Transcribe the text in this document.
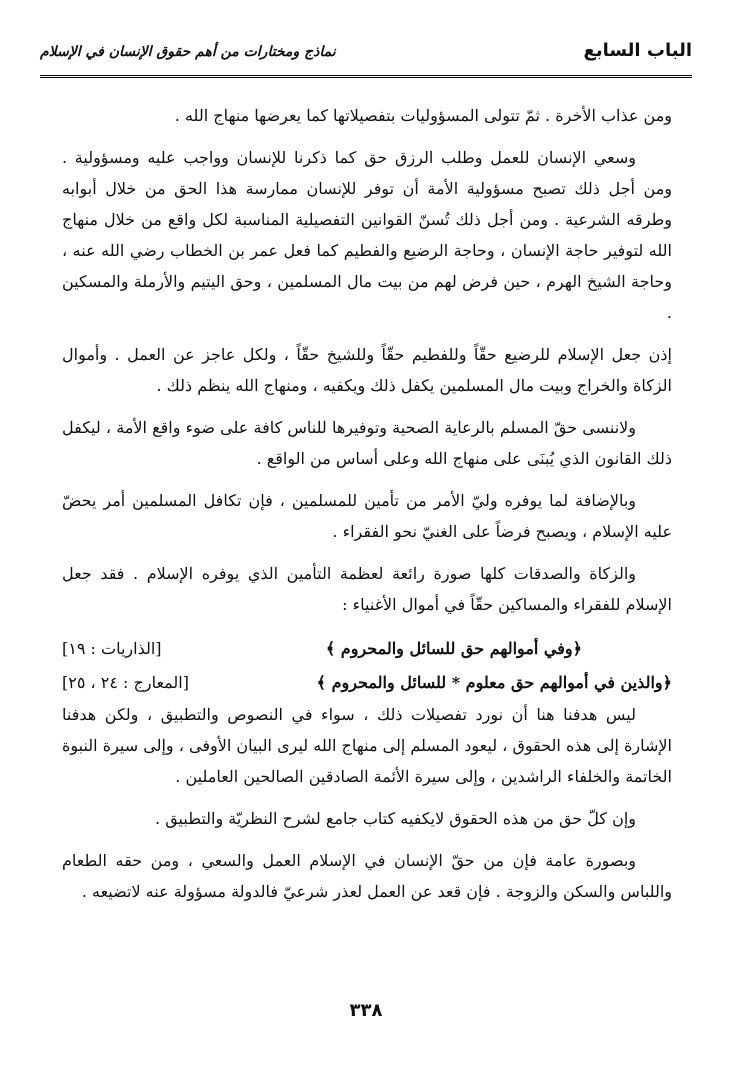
الباب السابع
نماذج ومختارات من أهم حقوق الإنسان في الإسلام

ومن عذاب الأخرة . ثمّ تتولى المسؤوليات بتفصيلاتها كما يعرضها منهاج الله .

وسعي الإنسان للعمل وطلب الرزق حق كما ذكرنا للإنسان وواجب عليه ومسؤولية . ومن أجل ذلك تصبح مسؤولية الأمة أن توفر للإنسان ممارسة هذا الحق من خلال أبوابه وطرقه الشرعية . ومن أجل ذلك تُسنّ القوانين التفصيلية المناسبة لكل واقع من خلال منهاج الله لتوفير حاجة الإنسان ، وحاجة الرضيع والفطيم كما فعل عمر بن الخطاب رضي الله عنه ، وحاجة الشيخ الهرم ، حين فرض لهم من بيت مال المسلمين ، وحق اليتيم والأرملة والمسكين .

إذن جعل الإسلام للرضيع حقّاً وللفطيم حقّاً وللشيخ حقّاً ، ولكل عاجز عن العمل . وأموال الزكاة والخراج وبيت مال المسلمين يكفل ذلك ويكفيه ، ومنهاج الله ينظم ذلك .

ولاننسى حقّ المسلم بالرعاية الصحية وتوفيرها للناس كافة على ضوء واقع الأمة ، ليكفل ذلك القانون الذي يُبنَى على منهاج الله وعلى أساس من الواقع .

وبالإضافة لما يوفره وليّ الأمر من تأمين للمسلمين ، فإن تكافل المسلمين أمر يحضّ عليه الإسلام ، ويصبح فرضاً على الغنيّ نحو الفقراء .

والزكاة والصدقات كلها صورة رائعة لعظمة التأمين الذي يوفره الإسلام . فقد جعل الإسلام للفقراء والمساكين حقّاً في أموال الأغنياء :

﴿وفي أموالهم حق للسائل والمحروم ﴾
[الذاريات : ١٩]
﴿والذين في أموالهم حق معلوم * للسائل والمحروم ﴾
[المعارج : ٢٤ ، ٢٥]

ليس هدفنا هنا أن نورد تفصيلات ذلك ، سواء في النصوص والتطبيق ، ولكن هدفنا الإشارة إلى هذه الحقوق ، ليعود المسلم إلى منهاج الله ليرى البيان الأوفى ، وإلى سيرة النبوة الخاتمة والخلفاء الراشدين ، وإلى سيرة الأئمة الصادقين الصالحين العاملين .

وإن كلّ حق من هذه الحقوق لايكفيه كتاب جامع لشرح النظريّة والتطبيق .

وبصورة عامة فإن من حقّ الإنسان في الإسلام العمل والسعي ، ومن حقه الطعام واللباس والسكن والزوجة . فإن قعد عن العمل لعذر شرعيّ فالدولة مسؤولة عنه لاتضيعه .

٣٣٨
